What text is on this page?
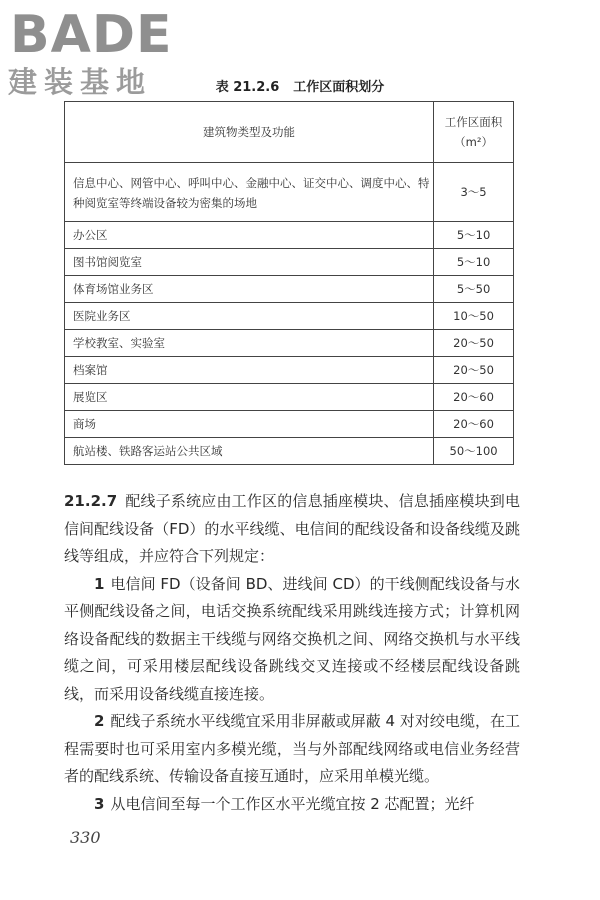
BADE
建装基地	表 21.2.6 工作区面积划分
建筑物类型及功能	工作区面积
（m²）

信息中心、网管中心、呼叫中心、金融中心、证交中心、调度中心、特种阅览室等终端设备较为密集的场地	3～5
办公区	5～10
图书馆阅览室	5～10
体育场馆业务区	5～50
医院业务区	10～50
学校教室、实验室	20～50
档案馆	20～50
展览区	20～60
商场	20～60
航站楼、铁路客运站公共区域	50～100

21.2.7 配线子系统应由工作区的信息插座模块、信息插座模块到电信间配线设备（FD）的水平线缆、电信间的配线设备和设备线缆及跳线等组成，并应符合下列规定：

1 电信间 FD（设备间 BD、进线间 CD）的干线侧配线设备与水平侧配线设备之间，电话交换系统配线采用跳线连接方式；计算机网络设备配线的数据主干线缆与网络交换机之间、网络交换机与水平线缆之间，可采用楼层配线设备跳线交叉连接或不经楼层配线设备跳线，而采用设备线缆直接连接。

2 配线子系统水平线缆宜采用非屏蔽或屏蔽 4 对对绞电缆，在工程需要时也可采用室内多模光缆，当与外部配线网络或电信业务经营者的配线系统、传输设备直接互通时，应采用单模光缆。

3 从电信间至每一个工作区水平光缆宜按 2 芯配置；光纤

330
